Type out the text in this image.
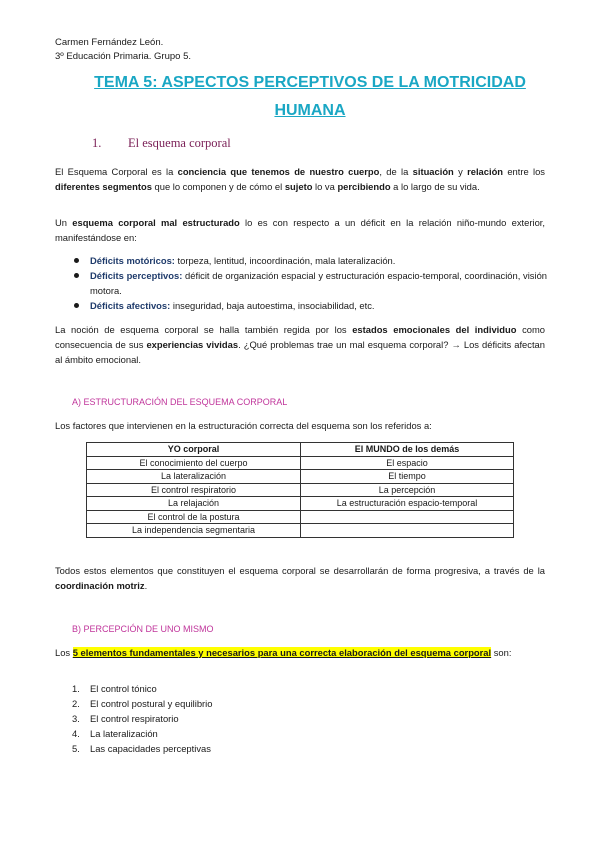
Carmen Fernández León.
3º Educación Primaria. Grupo 5.
TEMA 5: ASPECTOS PERCEPTIVOS DE LA MOTRICIDAD
HUMANA
1. El esquema corporal
El Esquema Corporal es la conciencia que tenemos de nuestro cuerpo, de la situación y relación entre los diferentes segmentos que lo componen y de cómo el sujeto lo va percibiendo a lo largo de su vida.
Un esquema corporal mal estructurado lo es con respecto a un déficit en la relación niño-mundo exterior, manifestándose en:
Déficits motóricos: torpeza, lentitud, incoordinación, mala lateralización.
Déficits perceptivos: déficit de organización espacial y estructuración espacio-temporal, coordinación, visión motora.
Déficits afectivos: inseguridad, baja autoestima, insociabilidad, etc.
La noción de esquema corporal se halla también regida por los estados emocionales del individuo como consecuencia de sus experiencias vividas. ¿Qué problemas trae un mal esquema corporal? → Los déficits afectan al ámbito emocional.
A) ESTRUCTURACIÓN DEL ESQUEMA CORPORAL
Los factores que intervienen en la estructuración correcta del esquema son los referidos a:
YO corporal	El MUNDO de los demás
El conocimiento del cuerpo	El espacio
La lateralización	El tiempo
El control respiratorio	La percepción
La relajación	La estructuración espacio-temporal
El control de la postura	
La independencia segmentaria	
Todos estos elementos que constituyen el esquema corporal se desarrollarán de forma progresiva, a través de la coordinación motriz.
B) PERCEPCIÓN DE UNO MISMO
Los 5 elementos fundamentales y necesarios para una correcta elaboración del esquema corporal son:
1. El control tónico
2. El control postural y equilibrio
3. El control respiratorio
4. La lateralización
5. Las capacidades perceptivas
